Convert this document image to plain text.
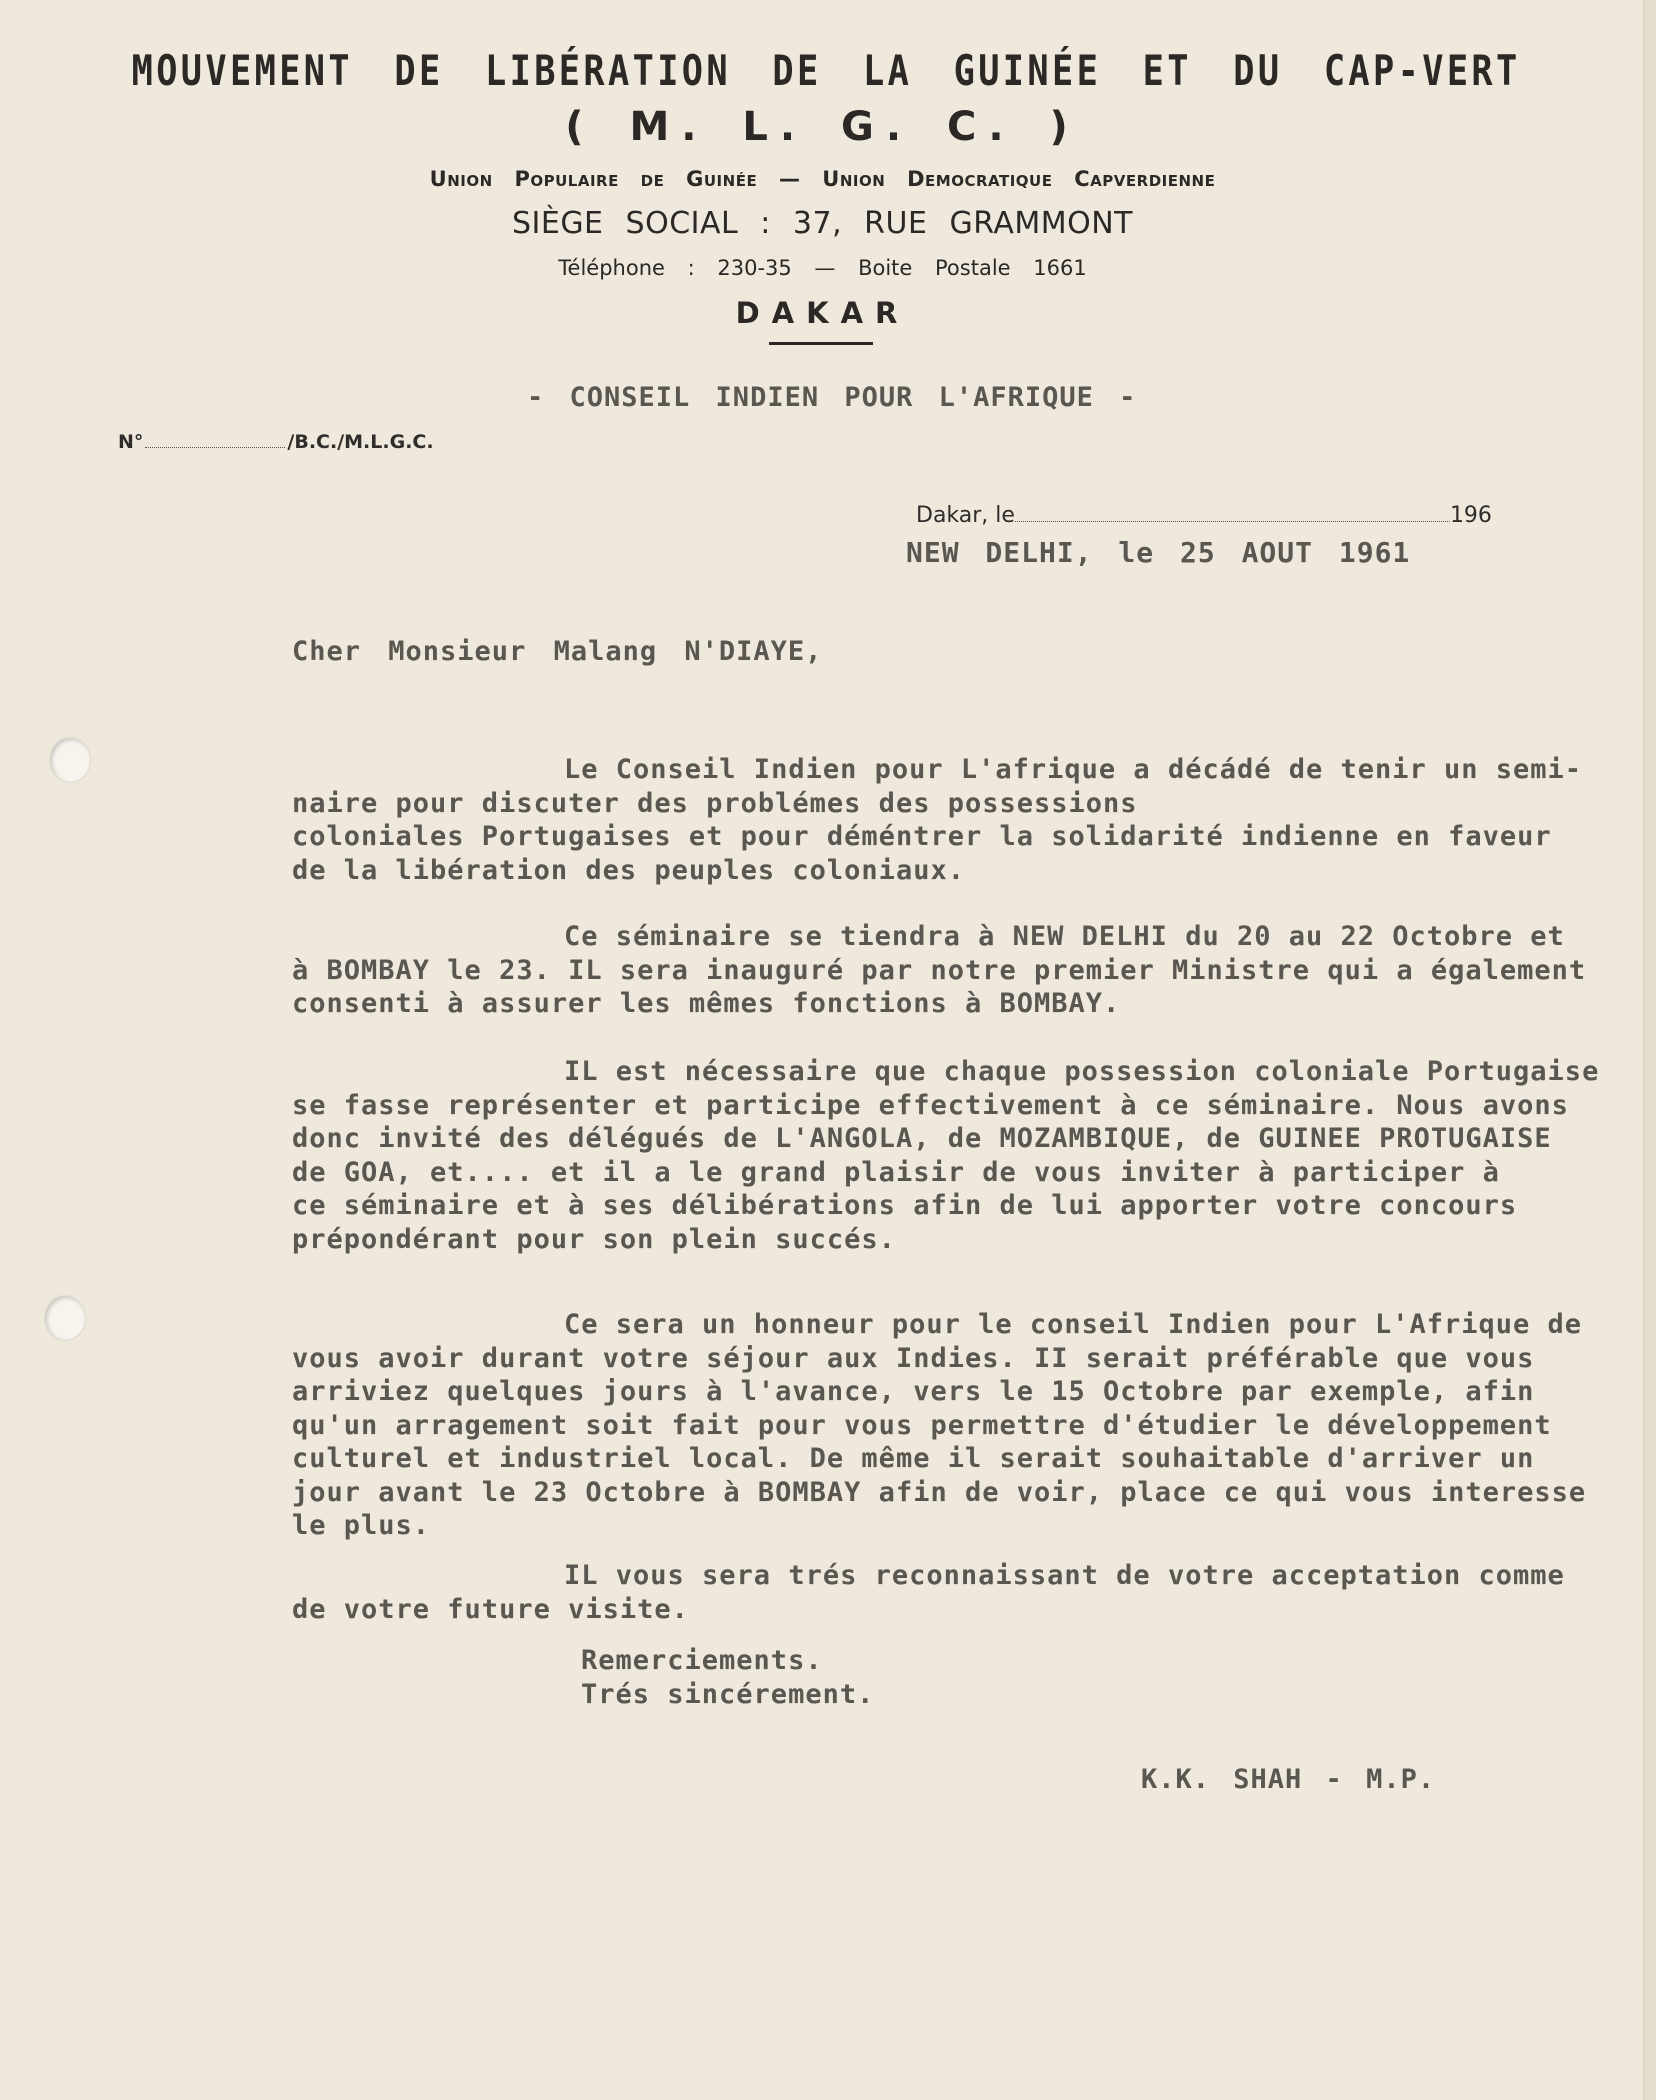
MOUVEMENT DE LIBÉRATION DE LA GUINÉE ET DU CAP-VERT
( M. L. G. C. )
Union Populaire de Guinée — Union Democratique Capverdienne
SIÈGE SOCIAL : 37, RUE GRAMMONT
Téléphone : 230-35 — Boite Postale 1661
DAKAR
- CONSEIL INDIEN POUR L'AFRIQUE -
N°	/B.C./M.L.G.C.
Dakar, le	196
NEW DELHI, le 25 AOUT 1961
Cher Monsieur Malang N'DIAYE,
Le Conseil Indien pour L'afrique a décádé de tenir un semi-
naire pour discuter des problémes des possessions
coloniales Portugaises et pour déméntrer la solidarité indienne en faveur
de la libération des peuples coloniaux.
Ce séminaire se tiendra à NEW DELHI du 20 au 22 Octobre et
à BOMBAY le 23. IL sera inauguré par notre premier Ministre qui a également
consenti à assurer les mêmes fonctions à BOMBAY.
IL est nécessaire que chaque possession coloniale Portugaise
se fasse représenter et participe effectivement à ce séminaire. Nous avons
donc invité des délégués de L'ANGOLA, de MOZAMBIQUE, de GUINEE PROTUGAISE
de GOA, et.... et il a le grand plaisir de vous inviter à participer à
ce séminaire et à ses délibérations afin de lui apporter votre concours
prépondérant pour son plein succés.
Ce sera un honneur pour le conseil Indien pour L'Afrique de
vous avoir durant votre séjour aux Indies. II serait préférable que vous
arriviez quelques jours à l'avance, vers le 15 Octobre par exemple, afin
qu'un arragement soit fait pour vous permettre d'étudier le développement
culturel et industriel local. De même il serait souhaitable d'arriver un
jour avant le 23 Octobre à BOMBAY afin de voir, place ce qui vous interesse
le plus.
IL vous sera trés reconnaissant de votre acceptation comme
de votre future visite.
Remerciements.
Trés sincérement.
K.K. SHAH - M.P.
